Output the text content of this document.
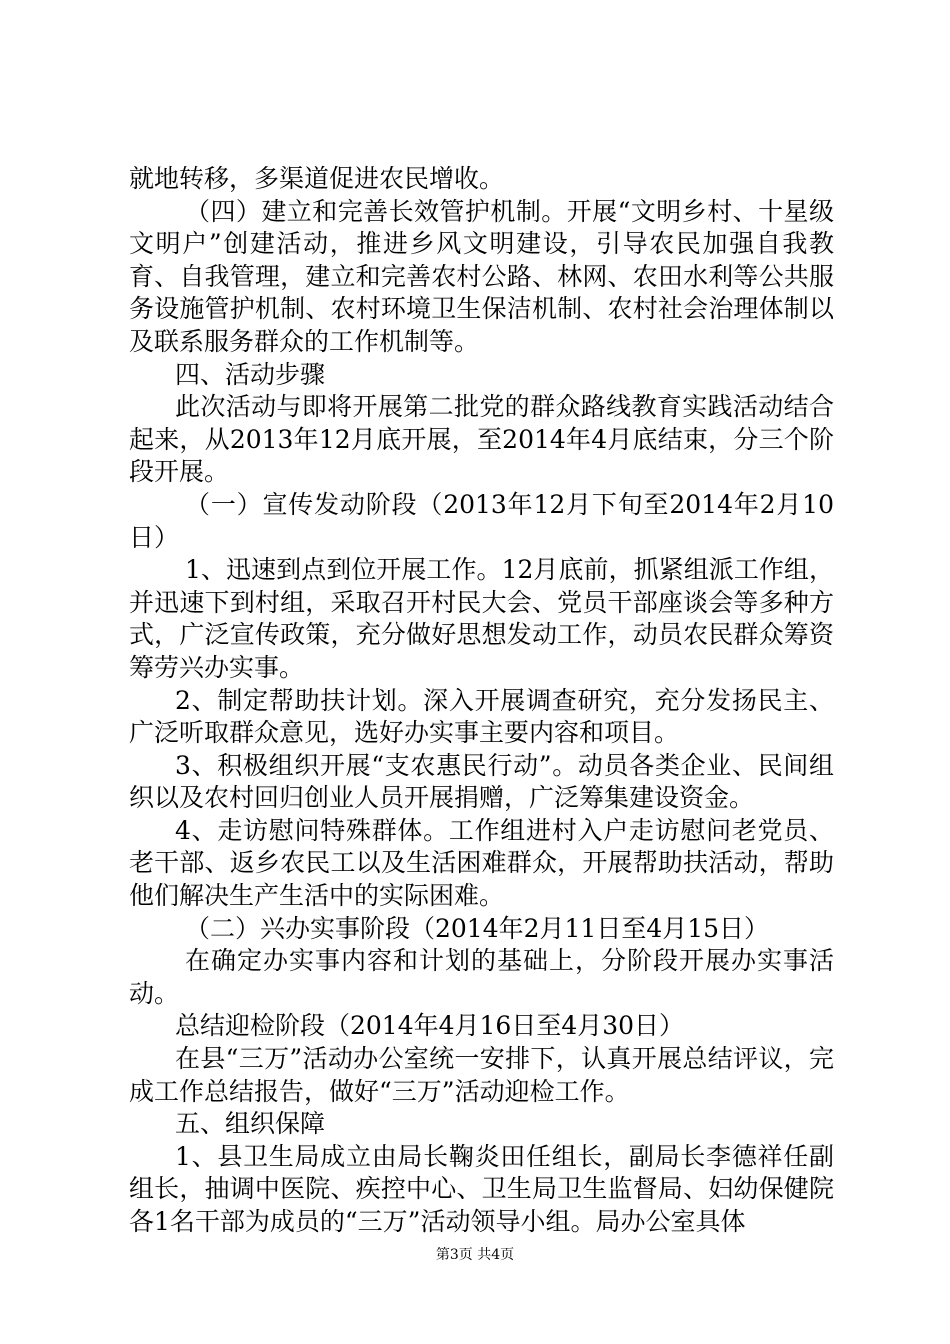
就地转移，多渠道促进农民增收。

（四）建立和完善长效管护机制。开展“文明乡村、十星级文明户”创建活动，推进乡风文明建设，引导农民加强自我教育、自我管理，建立和完善农村公路、林网、农田水利等公共服务设施管护机制、农村环境卫生保洁机制、农村社会治理体制以及联系服务群众的工作机制等。

四、活动步骤

此次活动与即将开展第二批党的群众路线教育实践活动结合起来，从2013年12月底开展，至2014年4月底结束，分三个阶段开展。

（一）宣传发动阶段（2013年12月下旬至2014年2月10日）

1、迅速到点到位开展工作。12月底前，抓紧组派工作组，并迅速下到村组，采取召开村民大会、党员干部座谈会等多种方式，广泛宣传政策，充分做好思想发动工作，动员农民群众筹资筹劳兴办实事。

2、制定帮助扶计划。深入开展调查研究，充分发扬民主、广泛听取群众意见，选好办实事主要内容和项目。

3、积极组织开展“支农惠民行动”。动员各类企业、民间组织以及农村回归创业人员开展捐赠，广泛筹集建设资金。

4、走访慰问特殊群体。工作组进村入户走访慰问老党员、老干部、返乡农民工以及生活困难群众，开展帮助扶活动，帮助他们解决生产生活中的实际困难。

（二）兴办实事阶段（2014年2月11日至4月15日）

在确定办实事内容和计划的基础上，分阶段开展办实事活动。

总结迎检阶段（2014年4月16日至4月30日）

在县“三万”活动办公室统一安排下，认真开展总结评议，完成工作总结报告，做好“三万”活动迎检工作。

五、组织保障

1、县卫生局成立由局长鞠炎田任组长，副局长李德祥任副组长，抽调中医院、疾控中心、卫生局卫生监督局、妇幼保健院各1名干部为成员的“三万”活动领导小组。局办公室具体

第3页 共4页
